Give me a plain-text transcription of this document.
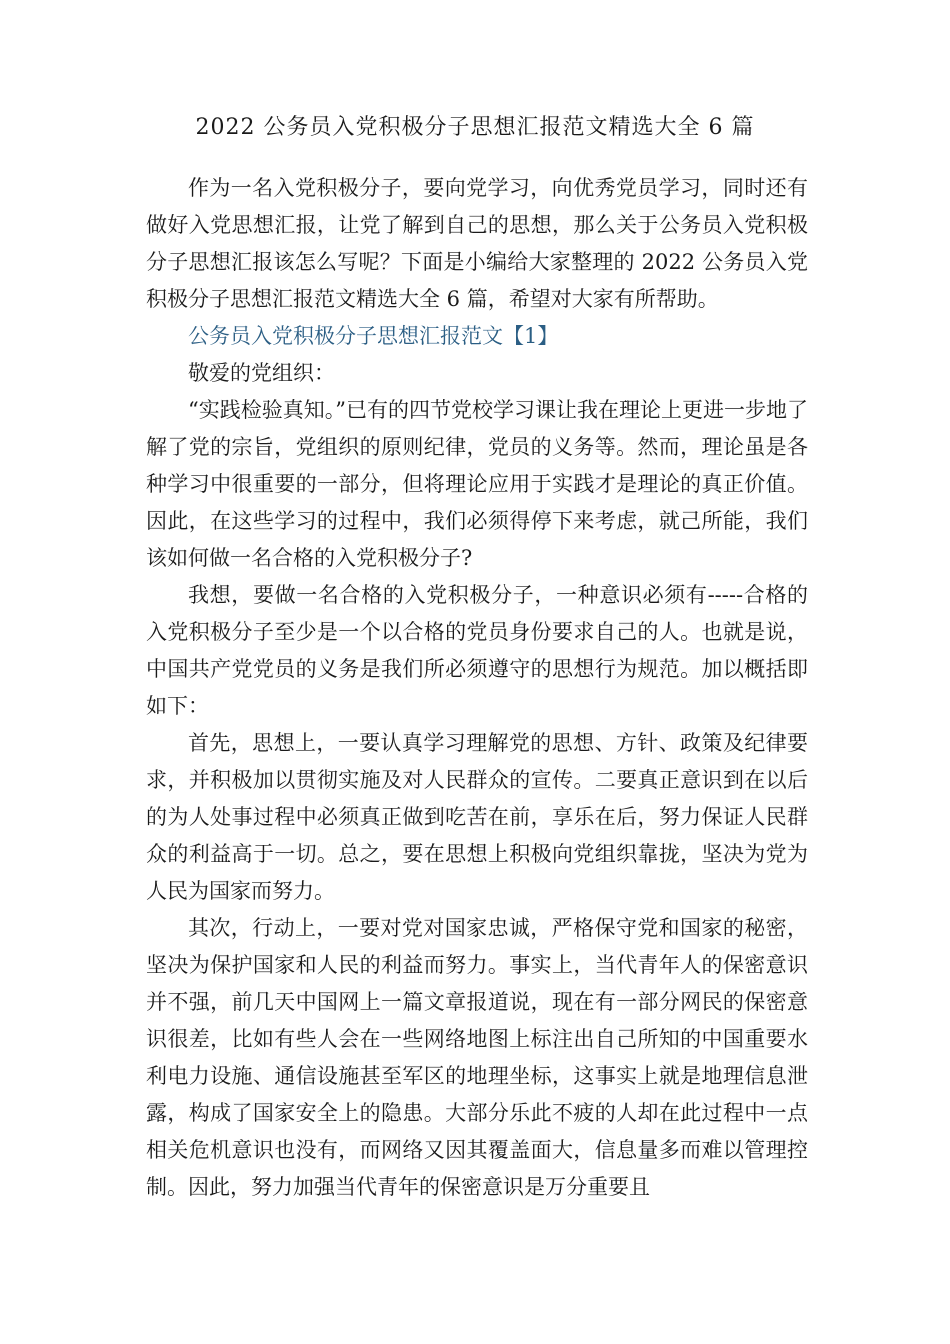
2022 公务员入党积极分子思想汇报范文精选大全 6 篇

作为一名入党积极分子，要向党学习，向优秀党员学习，同时还有做好入党思想汇报，让党了解到自己的思想，那么关于公务员入党积极分子思想汇报该怎么写呢？下面是小编给大家整理的 2022 公务员入党积极分子思想汇报范文精选大全 6 篇，希望对大家有所帮助。

公务员入党积极分子思想汇报范文【1】

敬爱的党组织：

“实践检验真知。”已有的四节党校学习课让我在理论上更进一步地了解了党的宗旨，党组织的原则纪律，党员的义务等。然而，理论虽是各种学习中很重要的一部分，但将理论应用于实践才是理论的真正价值。因此，在这些学习的过程中，我们必须得停下来考虑，就己所能，我们该如何做一名合格的入党积极分子?

我想，要做一名合格的入党积极分子，一种意识必须有-----合格的入党积极分子至少是一个以合格的党员身份要求自己的人。也就是说，中国共产党党员的义务是我们所必须遵守的思想行为规范。加以概括即如下：

首先，思想上，一要认真学习理解党的思想、方针、政策及纪律要求，并积极加以贯彻实施及对人民群众的宣传。二要真正意识到在以后的为人处事过程中必须真正做到吃苦在前，享乐在后，努力保证人民群众的利益高于一切。总之，要在思想上积极向党组织靠拢，坚决为党为人民为国家而努力。

其次，行动上，一要对党对国家忠诚，严格保守党和国家的秘密，坚决为保护国家和人民的利益而努力。事实上，当代青年人的保密意识并不强，前几天中国网上一篇文章报道说，现在有一部分网民的保密意识很差，比如有些人会在一些网络地图上标注出自己所知的中国重要水利电力设施、通信设施甚至军区的地理坐标，这事实上就是地理信息泄露，构成了国家安全上的隐患。大部分乐此不疲的人却在此过程中一点相关危机意识也没有，而网络又因其覆盖面大，信息量多而难以管理控制。因此，努力加强当代青年的保密意识是万分重要且
